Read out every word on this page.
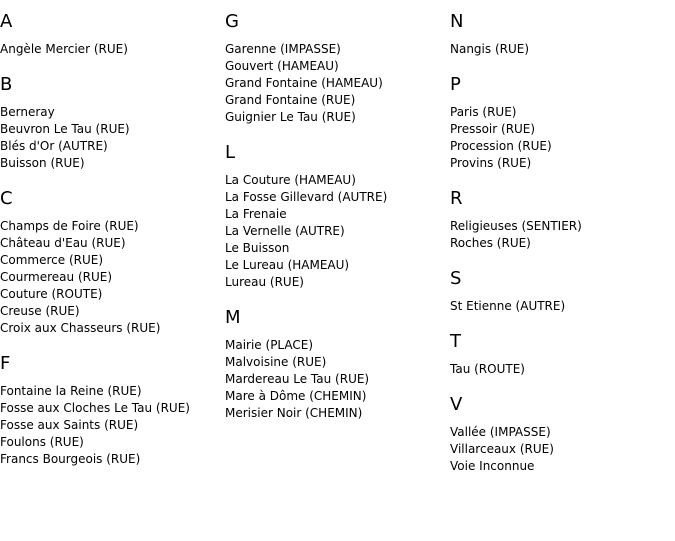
A
Angèle Mercier (RUE)
B
Berneray
Beuvron Le Tau (RUE)
Blés d'Or (AUTRE)
Buisson (RUE)
C
Champs de Foire (RUE)
Château d'Eau (RUE)
Commerce (RUE)
Courmereau (RUE)
Couture (ROUTE)
Creuse (RUE)
Croix aux Chasseurs (RUE)
F
Fontaine la Reine (RUE)
Fosse aux Cloches Le Tau (RUE)
Fosse aux Saints (RUE)
Foulons (RUE)
Francs Bourgeois (RUE)
G
Garenne (IMPASSE)
Gouvert (HAMEAU)
Grand Fontaine (HAMEAU)
Grand Fontaine (RUE)
Guignier Le Tau (RUE)
L
La Couture (HAMEAU)
La Fosse Gillevard (AUTRE)
La Frenaie
La Vernelle (AUTRE)
Le Buisson
Le Lureau (HAMEAU)
Lureau (RUE)
M
Mairie (PLACE)
Malvoisine (RUE)
Mardereau Le Tau (RUE)
Mare à Dôme (CHEMIN)
Merisier Noir (CHEMIN)
N
Nangis (RUE)
P
Paris (RUE)
Pressoir (RUE)
Procession (RUE)
Provins (RUE)
R
Religieuses (SENTIER)
Roches (RUE)
S
St Etienne (AUTRE)
T
Tau (ROUTE)
V
Vallée (IMPASSE)
Villarceaux (RUE)
Voie Inconnue
